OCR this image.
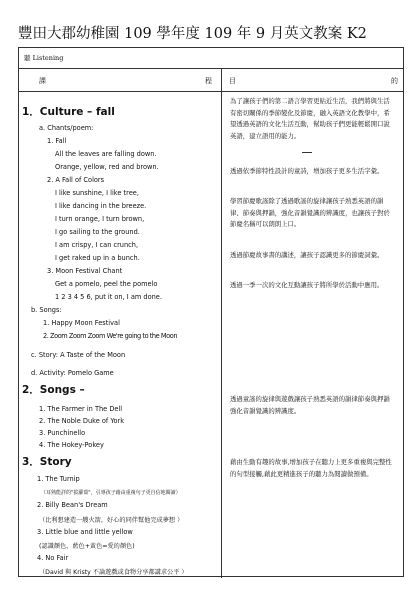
豐田大郡幼稚園 109 學年度 109 年 9 月英文教案 K2
聽 Listening
課	程 目	的
1．Culture – fall
a. Chants/poem:
1. Fall
All the leaves are falling down.
Orange, yellow, red and brown.
2. A Fall of Colors
I like sunshine, I like tree,
I like dancing in the breeze.
I turn orange, I turn brown,
I go sailing to the ground.
I am crispy, I can crunch,
I get raked up in a bunch.
3. Moon Festival Chant
Get a pomelo, peel the pomelo
1 2 3 4 5 6, put it on, I am done.
b. Songs:
1. Happy Moon Festival
2. Zoom Zoom Zoom We're going to the Moon
c. Story: A Taste of the Moon
d. Activity: Pomelo Game
2．Songs –
1. The Farmer in The Dell
2. The Noble Duke of York
3. Punchinello
4. The Hokey-Pokey
3．Story
1. The Turnip
（耳熟能詳的"拔蘿蔔"，引導孩子藉由重複句子更自信地閱讀）
2. Billy Bean's Dream
（比利想建造一艘火箭，好心的同伴幫他完成夢想 ）
3. Little blue and little yellow
(認識顏色，藍色+黃色=愛的顏色)
4. No Fair
（David 與 Kristy 不論遊戲或食物分享都講求公平 ）
為了讓孩子們的第二語言學習更貼近生活，我們將與生活有密切關係的季節變化及節慶，融入英語文化教學中，希望透過英語的文化生活互動，幫助孩子們更能輕鬆開口說英語，建立語用的能力。
透過依季節特性設計的童詩，增加孩子更多生活字彙。
學習節慶歌謠除了透過歌謠的旋律讓孩子熟悉英語的韻律、節奏與押韻，強化音韻覺識的辨識度，也讓孩子對於節慶名稱可以朗朗上口。
透過節慶故事書的講述，讓孩子認識更多的節慶詞彙。
透過一季一次的文化互動讓孩子將所學於活動中應用。
透過童謠的旋律與遊戲讓孩子熟悉英語的韻律節奏與押韻強化音韻覺識的辨識度。
藉由生動有趣的故事,增加孩子在聽力上更多重複與完整性的句型接觸,藉此更精進孩子的聽力為閱讀做預備。
